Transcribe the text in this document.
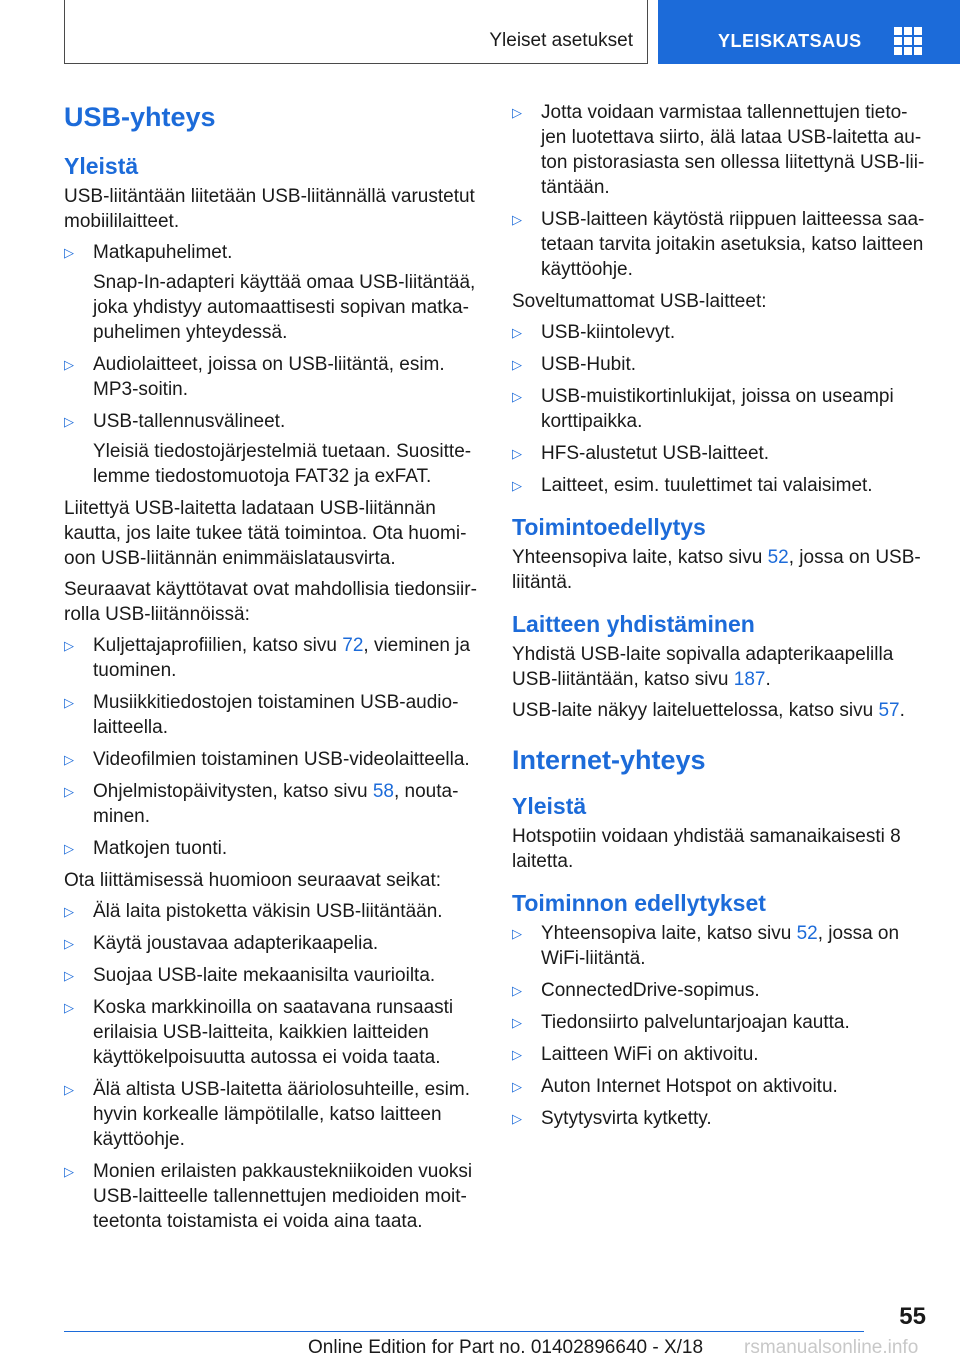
Yleiset asetukset	YLEISKATSAUS
USB-yhteys
Yleistä
USB-liitäntään liitetään USB-liitännällä varustetut mobiililaitteet.
▷	Matkapuhelimet.
Snap-In-adapteri käyttää omaa USB-liitäntää, joka yhdistyy automaattisesti sopivan matkapuhelimen yhteydessä.
▷	Audiolaitteet, joissa on USB-liitäntä, esim. MP3-soitin.
▷	USB-tallennusvälineet.
Yleisiä tiedostojärjestelmiä tuetaan. Suosittelemme tiedostomuotoja FAT32 ja exFAT.
Liitettyä USB-laitetta ladataan USB-liitännän kautta, jos laite tukee tätä toimintoa. Ota huomioon USB-liitännän enimmäislatausvirta.
Seuraavat käyttötavat ovat mahdollisia tiedonsiirrolla USB-liitännöissä:
▷	Kuljettajaprofiilien, katso sivu 72, vieminen ja tuominen.
▷	Musiikkitiedostojen toistaminen USB-audiolaitteella.
▷	Videofilmien toistaminen USB-videolaitteella.
▷	Ohjelmistopäivitysten, katso sivu 58, noutaminen.
▷	Matkojen tuonti.
Ota liittämisessä huomioon seuraavat seikat:
▷	Älä laita pistoketta väkisin USB-liitäntään.
▷	Käytä joustavaa adapterikaapelia.
▷	Suojaa USB-laite mekaanisilta vaurioilta.
▷	Koska markkinoilla on saatavana runsaasti erilaisia USB-laitteita, kaikkien laitteiden käyttökelpoisuutta autossa ei voida taata.
▷	Älä altista USB-laitetta ääriolosuhteille, esim. hyvin korkealle lämpötilalle, katso laitteen käyttöohje.
▷	Monien erilaisten pakkaustekniikoiden vuoksi USB-laitteelle tallennettujen medioiden moitteetonta toistamista ei voida aina taata.
▷	Jotta voidaan varmistaa tallennettujen tietojen luotettava siirto, älä lataa USB-laitetta auton pistorasiasta sen ollessa liitettynä USB-liitäntään.
▷	USB-laitteen käytöstä riippuen laitteessa saatetaan tarvita joitakin asetuksia, katso laitteen käyttöohje.
Soveltumattomat USB-laitteet:
▷	USB-kiintolevyt.
▷	USB-Hubit.
▷	USB-muistikortinlukijat, joissa on useampi korttipaikka.
▷	HFS-alustetut USB-laitteet.
▷	Laitteet, esim. tuulettimet tai valaisimet.
Toimintoedellytys
Yhteensopiva laite, katso sivu 52, jossa on USB-liitäntä.
Laitteen yhdistäminen
Yhdistä USB-laite sopivalla adapterikaapelilla USB-liitäntään, katso sivu 187.
USB-laite näkyy laiteluettelossa, katso sivu 57.
Internet-yhteys
Yleistä
Hotspotiin voidaan yhdistää samanaikaisesti 8 laitetta.
Toiminnon edellytykset
▷	Yhteensopiva laite, katso sivu 52, jossa on WiFi-liitäntä.
▷	ConnectedDrive-sopimus.
▷	Tiedonsiirto palveluntarjoajan kautta.
▷	Laitteen WiFi on aktivoitu.
▷	Auton Internet Hotspot on aktivoitu.
▷	Sytytysvirta kytketty.
55
Online Edition for Part no. 01402896640 - X/18 rsmanualsonline.info
